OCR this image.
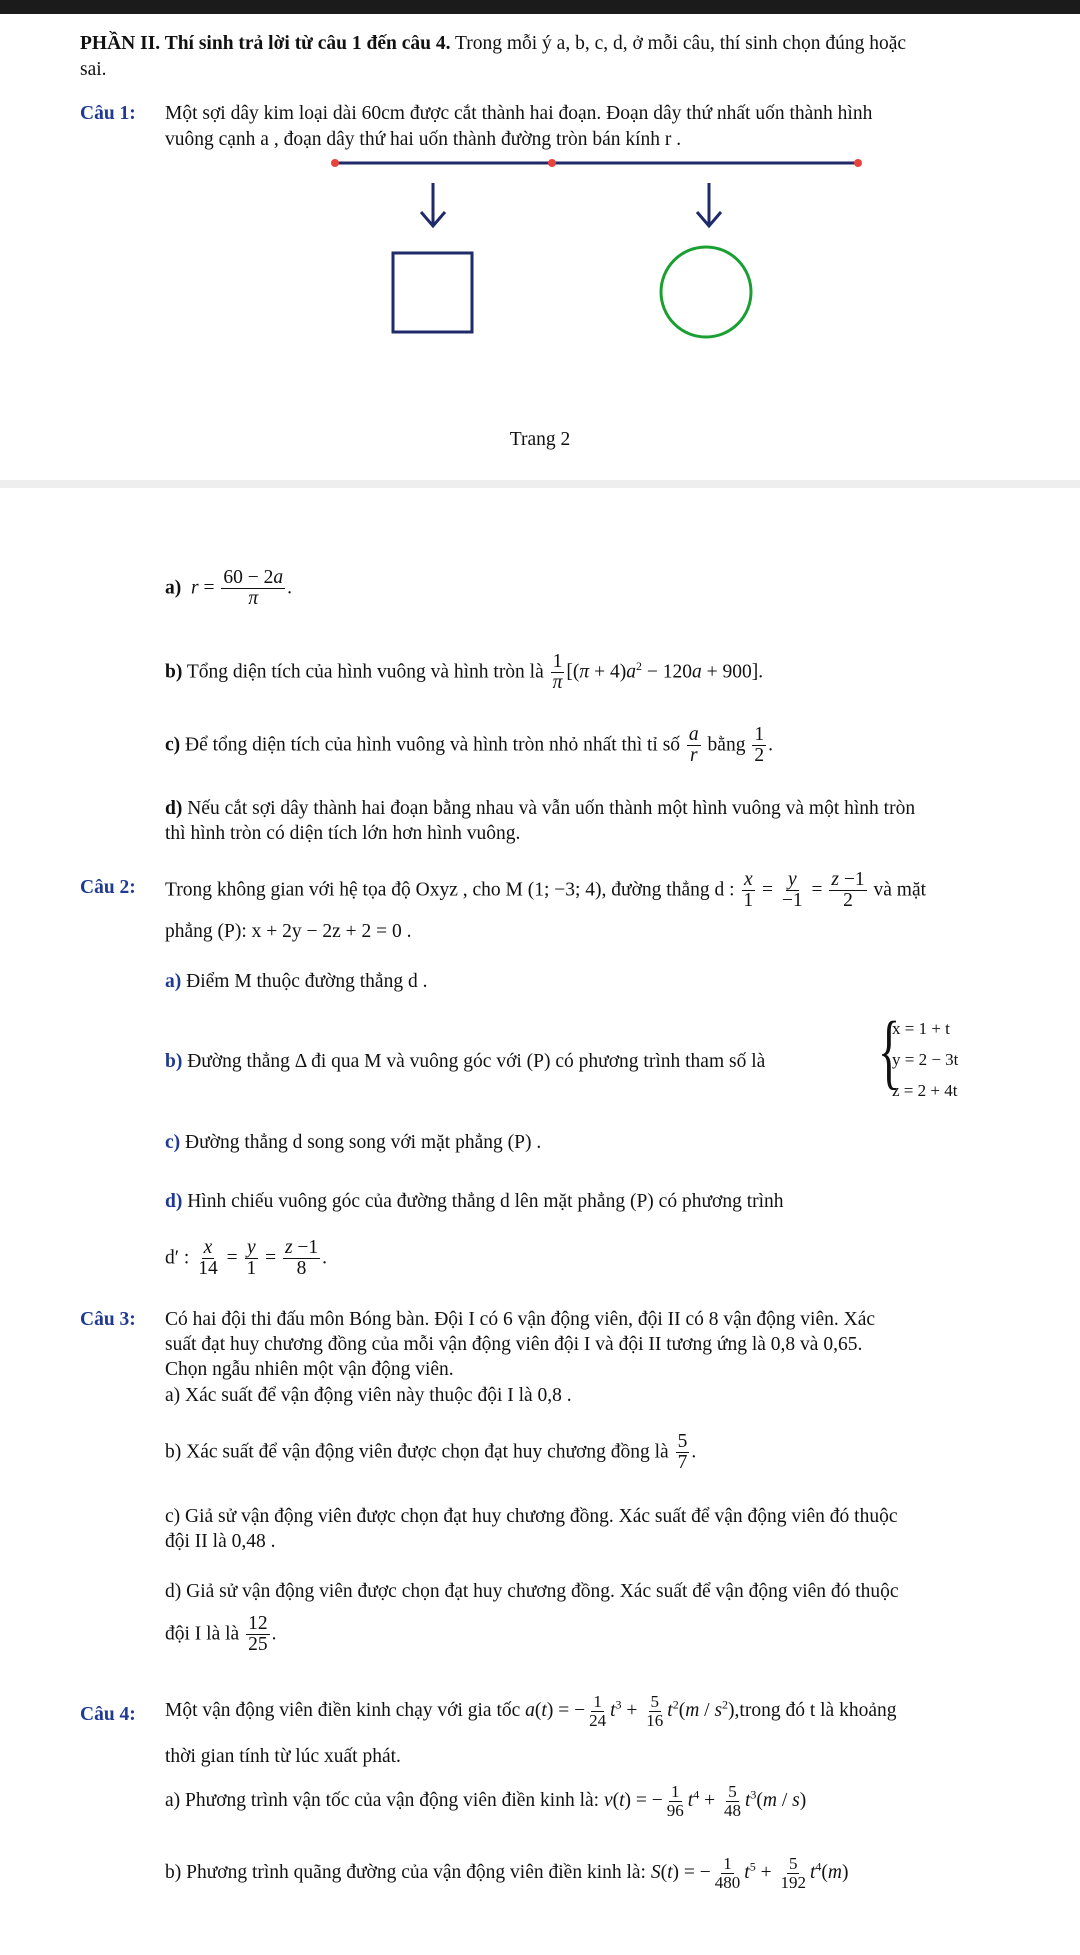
PHẦN II. Thí sinh trả lời từ câu 1 đến câu 4. Trong mỗi ý a, b, c, d, ở mỗi câu, thí sinh chọn đúng hoặc
sai.
Câu 1: Một sợi dây kim loại dài 60cm được cắt thành hai đoạn. Đoạn dây thứ nhất uốn thành hình
vuông cạnh a , đoạn dây thứ hai uốn thành đường tròn bán kính r .
Trang 2
a) $r = \frac{60 - 2a}{\pi}$ .
b) Tổng diện tích của hình vuông và hình tròn là $\frac{1}{\pi} [(\pi + 4)a^2 - 120a + 900]$.
c) Để tổng diện tích của hình vuông và hình tròn nhỏ nhất thì tỉ số $\frac{a}{r}$ bằng $\frac{1}{2}$ .
d) Nếu cắt sợi dây thành hai đoạn bằng nhau và vẫn uốn thành một hình vuông và một hình tròn
thì hình tròn có diện tích lớn hơn hình vuông.
Câu 2: Trong không gian với hệ tọa độ Oxyz , cho M (1; −3; 4), đường thẳng d : $\frac{x}{1} = \frac{y}{-1} = \frac{z -1}{2}$ và mặt
phẳng (P): x + 2y − 2z + 2 = 0 .
a) Điểm M thuộc đường thẳng d .
b) Đường thẳng Δ đi qua M và vuông góc với (P) có phương trình tham số là {
x = 1 + t
y = 2 − 3t
z = 2 + 4t
c) Đường thẳng d song song với mặt phẳng (P) .
d) Hình chiếu vuông góc của đường thẳng d lên mặt phẳng (P) có phương trình
d′ : $\frac{x}{14} = \frac{y}{1} = \frac{z -1}{8}$ .
Câu 3: Có hai đội thi đấu môn Bóng bàn. Đội I có 6 vận động viên, đội II có 8 vận động viên. Xác
suất đạt huy chương đồng của mỗi vận động viên đội I và đội II tương ứng là 0,8 và 0,65.
Chọn ngẫu nhiên một vận động viên.
a) Xác suất để vận động viên này thuộc đội I là 0,8 .
b) Xác suất để vận động viên được chọn đạt huy chương đồng là $\frac{5}{7}$ .
c) Giả sử vận động viên được chọn đạt huy chương đồng. Xác suất để vận động viên đó thuộc
đội II là 0,48 .
d) Giả sử vận động viên được chọn đạt huy chương đồng. Xác suất để vận động viên đó thuộc
đội I là là $\frac{12}{25}$ .
Câu 4: Một vận động viên điền kinh chạy với gia tốc a(t) = − $\frac{1}{24} t^3 + \frac{5}{16} t^2(m$ / $s^2),trong$ đó t là khoảng
thời gian tính từ lúc xuất phát.
a) Phương trình vận tốc của vận động viên điền kinh là: v(t) = − $\frac{1}{96} t^4 + \frac{5}{48} t^3(m / s)$
b) Phương trình quãng đường của vận động viên điền kinh là: S(t) = − $\frac{1}{480} t^5 + \frac{5}{192} t^4(m)$
